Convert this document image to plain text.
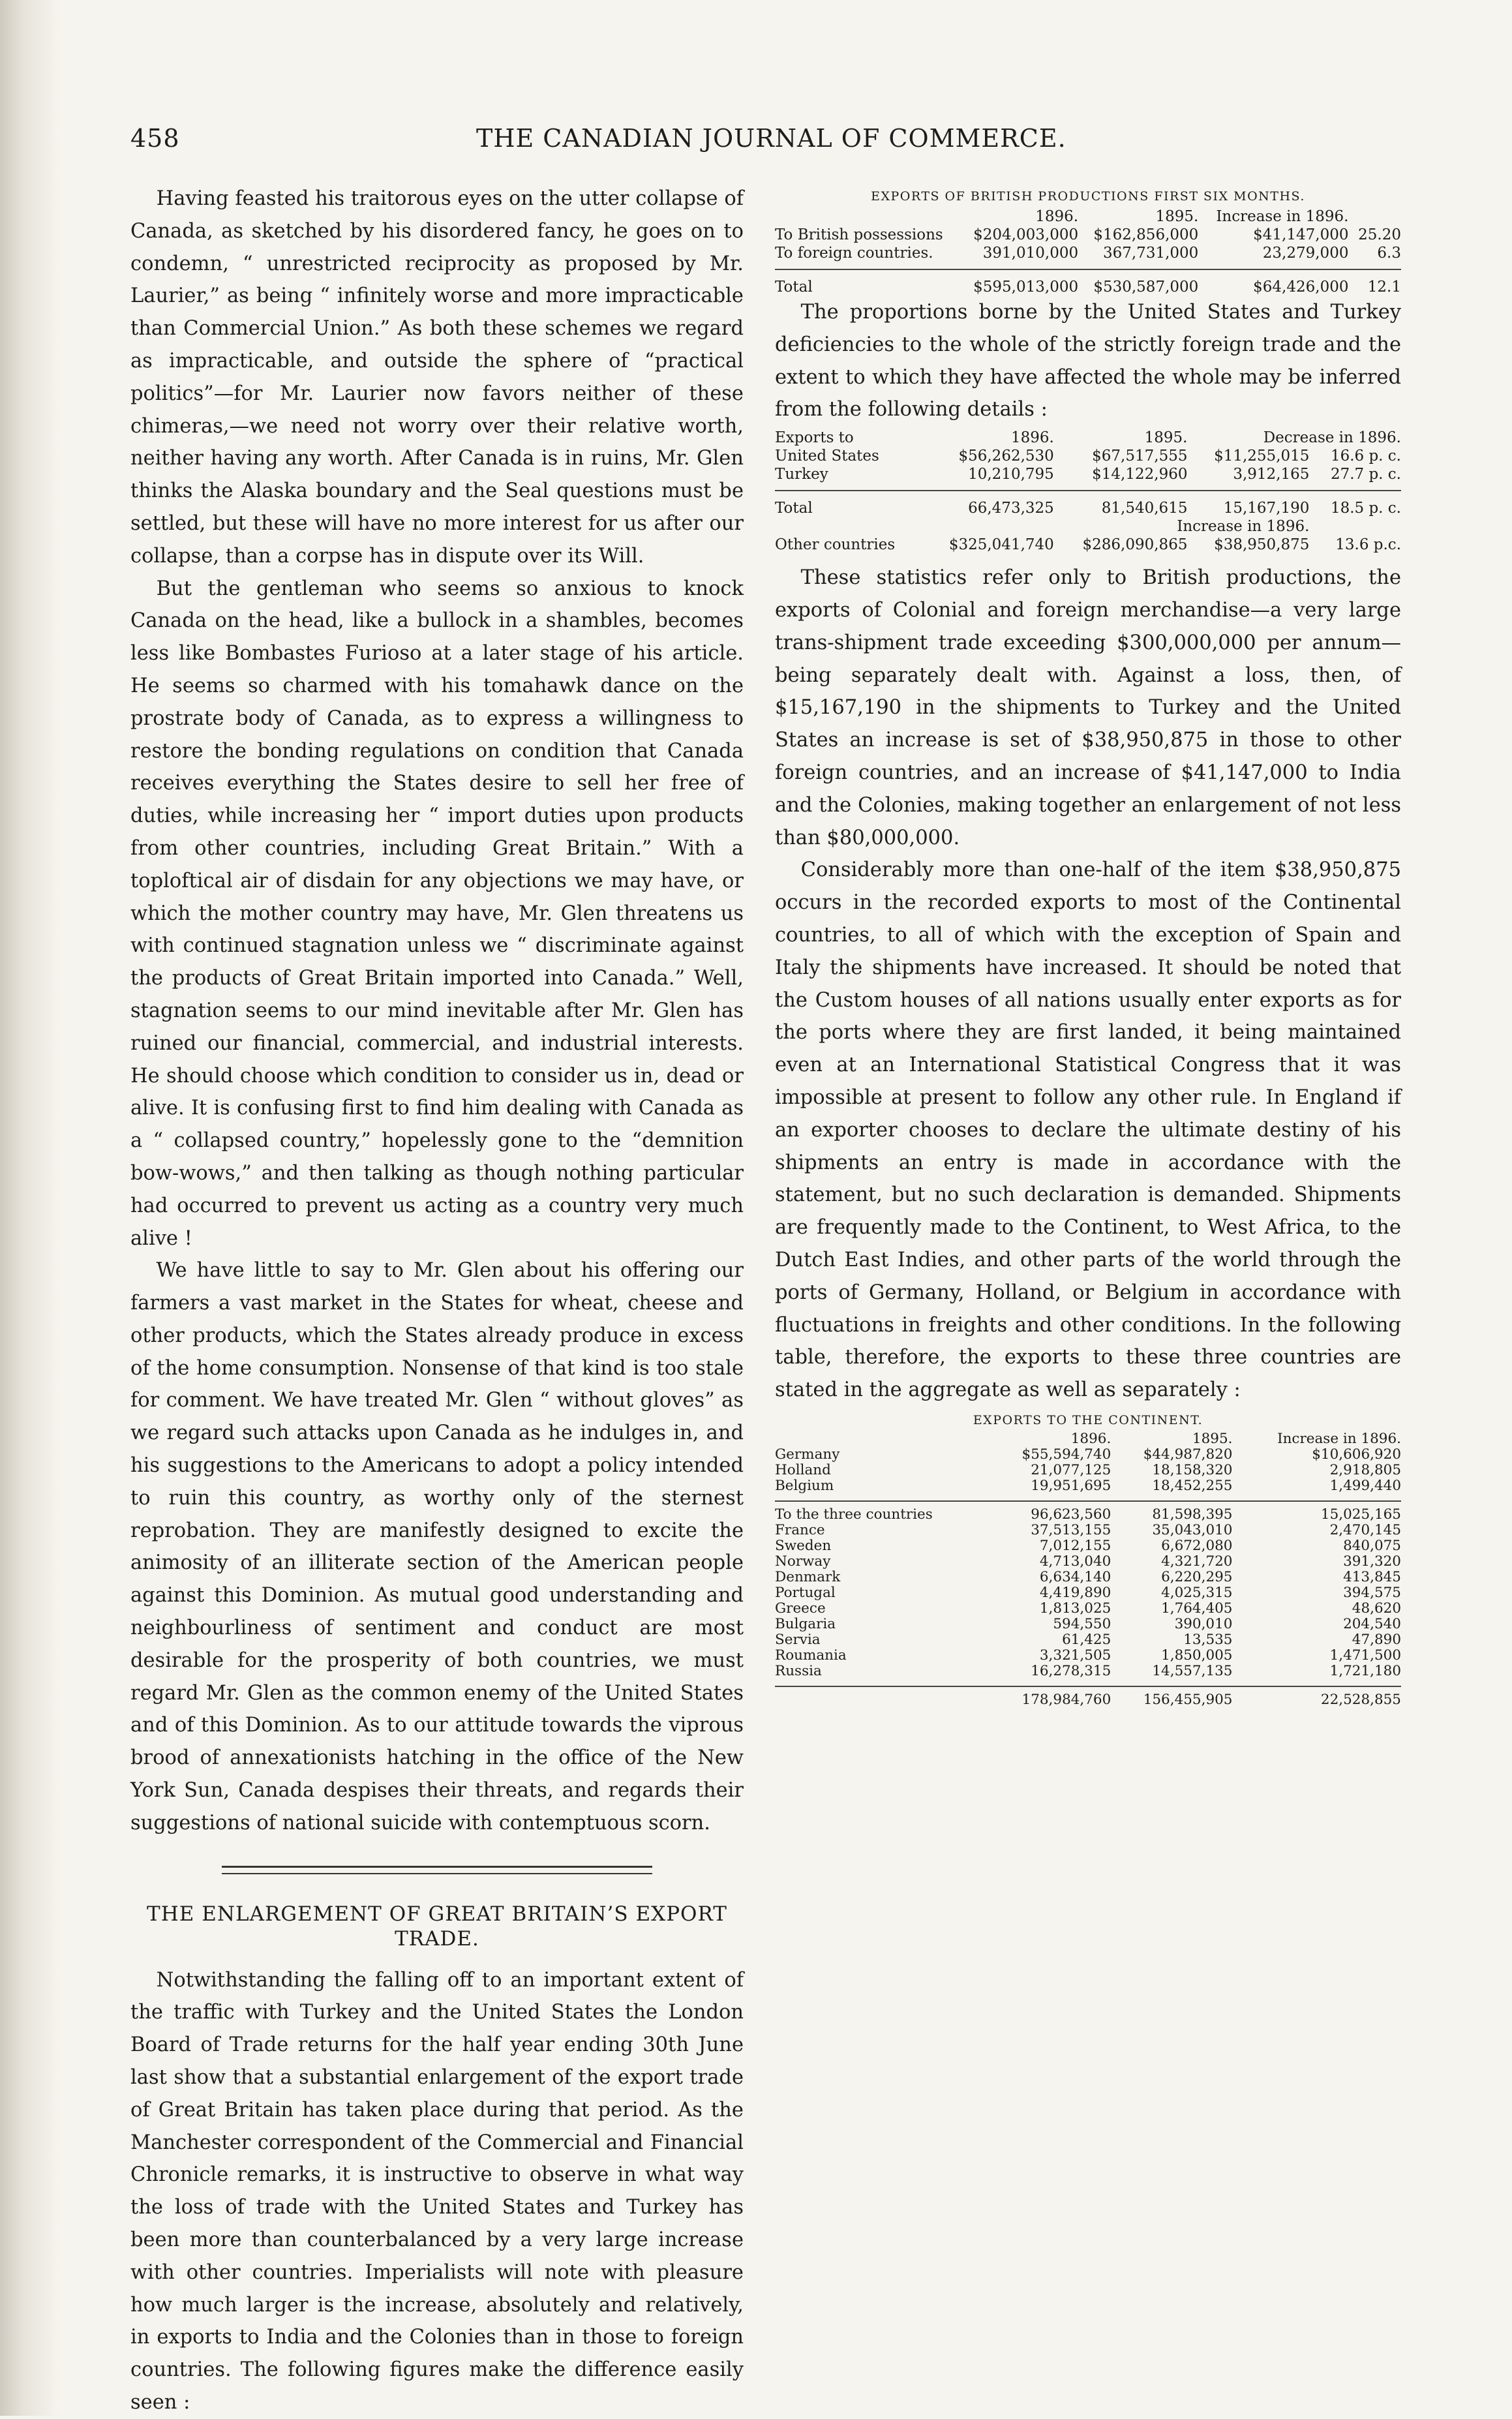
458	THE CANADIAN JOURNAL OF COMMERCE.

Having feasted his traitorous eyes on the utter collapse of Canada, as sketched by his disordered fancy, he goes on to condemn, “ unrestricted reciprocity as proposed by Mr. Laurier,” as being “ infinitely worse and more impracticable than Commercial Union.” As both these schemes we regard as impracticable, and outside the sphere of “practical politics”—for Mr. Laurier now favors neither of these chimeras,—we need not worry over their relative worth, neither having any worth. After Canada is in ruins, Mr. Glen thinks the Alaska boundary and the Seal questions must be settled, but these will have no more interest for us after our collapse, than a corpse has in dispute over its Will.

But the gentleman who seems so anxious to knock Canada on the head, like a bullock in a shambles, becomes less like Bombastes Furioso at a later stage of his article. He seems so charmed with his tomahawk dance on the prostrate body of Canada, as to express a willingness to restore the bonding regulations on condition that Canada receives everything the States desire to sell her free of duties, while increasing her “ import duties upon products from other countries, including Great Britain.” With a toploftical air of disdain for any objections we may have, or which the mother country may have, Mr. Glen threatens us with continued stagnation unless we “ discriminate against the products of Great Britain imported into Canada.” Well, stagnation seems to our mind inevitable after Mr. Glen has ruined our financial, commercial, and industrial interests. He should choose which condition to consider us in, dead or alive. It is confusing first to find him dealing with Canada as a “ collapsed country,” hopelessly gone to the “demnition bow-wows,” and then talking as though nothing particular had occurred to prevent us acting as a country very much alive !

We have little to say to Mr. Glen about his offering our farmers a vast market in the States for wheat, cheese and other products, which the States already produce in excess of the home consumption. Nonsense of that kind is too stale for comment. We have treated Mr. Glen “ without gloves” as we regard such attacks upon Canada as he indulges in, and his suggestions to the Americans to adopt a policy intended to ruin this country, as worthy only of the sternest reprobation. They are manifestly designed to excite the animosity of an illiterate section of the American people against this Dominion. As mutual good understanding and neighbourliness of sentiment and conduct are most desirable for the prosperity of both countries, we must regard Mr. Glen as the common enemy of the United States and of this Dominion. As to our attitude towards the viprous brood of annexationists hatching in the office of the New York Sun, Canada despises their threats, and regards their suggestions of national suicide with contemptuous scorn.

THE ENLARGEMENT OF GREAT BRITAIN’S EXPORT TRADE.

Notwithstanding the falling off to an important extent of the traffic with Turkey and the United States the London Board of Trade returns for the half year ending 30th June last show that a substantial enlargement of the export trade of Great Britain has taken place during that period. As the Manchester correspondent of the Commercial and Financial Chronicle remarks, it is instructive to observe in what way the loss of trade with the United States and Turkey has been more than counterbalanced by a very large increase with other countries. Imperialists will note with pleasure how much larger is the increase, absolutely and relatively, in exports to India and the Colonies than in those to foreign countries. The following figures make the difference easily seen :

EXPORTS OF BRITISH PRODUCTIONS FIRST SIX MONTHS.
	1896.	1895.	Increase in 1896.	
To British possessions	$204,003,000	$162,856,000	$41,147,000	25.20
To foreign countries.	391,010,000	367,731,000	23,279,000	6.3

Total	$595,013,000	$530,587,000	$64,426,000	12.1

The proportions borne by the United States and Turkey deficiencies to the whole of the strictly foreign trade and the extent to which they have affected the whole may be inferred from the following details :

Exports to	1896.	1895.	Decrease in 1896.	
United States	$56,262,530	$67,517,555	$11,255,015	16.6 p. c.
Turkey	10,210,795	$14,122,960	3,912,165	27.7 p. c.

Total	66,473,325	81,540,615	15,167,190	18.5 p. c.
		Increase in 1896.		
Other countries	$325,041,740	$286,090,865	$38,950,875	13.6 p.c.

These statistics refer only to British productions, the exports of Colonial and foreign merchandise—a very large trans-shipment trade exceeding $300,000,000 per annum—being separately dealt with. Against a loss, then, of $15,167,190 in the shipments to Turkey and the United States an increase is set of $38,950,875 in those to other foreign countries, and an increase of $41,147,000 to India and the Colonies, making together an enlargement of not less than $80,000,000.

Considerably more than one-half of the item $38,950,875 occurs in the recorded exports to most of the Continental countries, to all of which with the exception of Spain and Italy the shipments have increased. It should be noted that the Custom houses of all nations usually enter exports as for the ports where they are first landed, it being maintained even at an International Statistical Congress that it was impossible at present to follow any other rule. In England if an exporter chooses to declare the ultimate destiny of his shipments an entry is made in accordance with the statement, but no such declaration is demanded. Shipments are frequently made to the Continent, to West Africa, to the Dutch East Indies, and other parts of the world through the ports of Germany, Holland, or Belgium in accordance with fluctuations in freights and other conditions. In the following table, therefore, the exports to these three countries are stated in the aggregate as well as separately :

EXPORTS TO THE CONTINENT.
	1896.	1895.	Increase in 1896.
Germany	$55,594,740	$44,987,820	$10,606,920
Holland	21,077,125	18,158,320	2,918,805
Belgium	19,951,695	18,452,255	1,499,440

To the three countries	96,623,560	81,598,395	15,025,165
France	37,513,155	35,043,010	2,470,145
Sweden	7,012,155	6,672,080	840,075
Norway	4,713,040	4,321,720	391,320
Denmark	6,634,140	6,220,295	413,845
Portugal	4,419,890	4,025,315	394,575
Greece	1,813,025	1,764,405	48,620
Bulgaria	594,550	390,010	204,540
Servia	61,425	13,535	47,890
Roumania	3,321,505	1,850,005	1,471,500
Russia	16,278,315	14,557,135	1,721,180

	178,984,760	156,455,905	22,528,855
